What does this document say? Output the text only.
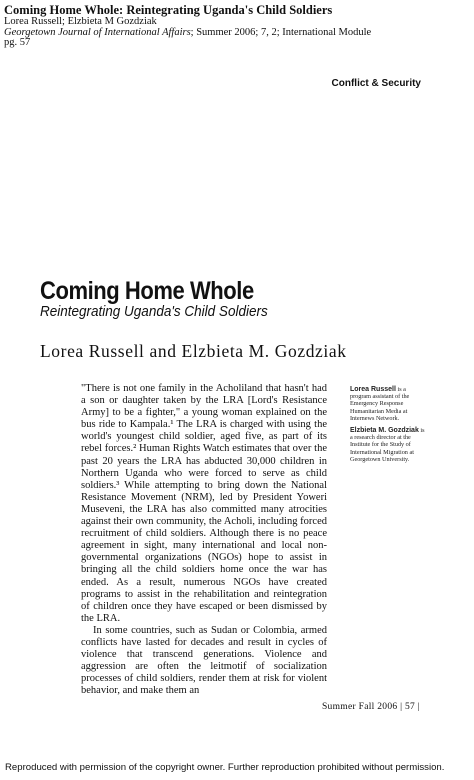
Coming Home Whole: Reintegrating Uganda's Child Soldiers
Lorea Russell; Elzbieta M Gozdziak
Georgetown Journal of International Affairs; Summer 2006; 7, 2; International Module
pg. 57
Conflict & Security
Coming Home Whole
Reintegrating Uganda's Child Soldiers
Lorea Russell and Elzbieta M. Gozdziak

"There is not one family in the Acholiland that hasn't had a son or daughter taken by the LRA [Lord's Resistance Army] to be a fighter," a young woman explained on the bus ride to Kampala.¹ The LRA is charged with using the world's youngest child soldier, aged five, as part of its rebel forces.² Human Rights Watch estimates that over the past 20 years the LRA has abducted 30,000 children in Northern Uganda who were forced to serve as child soldiers.³ While attempting to bring down the National Resistance Movement (NRM), led by President Yoweri Museveni, the LRA has also committed many atrocities against their own community, the Acholi, including forced recruitment of child soldiers. Although there is no peace agreement in sight, many international and local non-governmental organizations (NGOs) hope to assist in bringing all the child soldiers home once the war has ended. As a result, numerous NGOs have created programs to assist in the rehabilitation and reintegration of children once they have escaped or been dismissed by the LRA.

In some countries, such as Sudan or Colombia, armed conflicts have lasted for decades and result in cycles of violence that transcend generations. Violence and aggression are often the leitmotif of socialization processes of child soldiers, render them at risk for violent behavior, and make them an

Lorea Russell is a program assistant of the Emergency Response Humanitarian Media at Internews Network.

Elzbieta M. Gozdziak is a research director at the Institute for the Study of International Migration at Georgetown University.

Summer Fall 2006 | 57 |
Reproduced with permission of the copyright owner. Further reproduction prohibited without permission.
